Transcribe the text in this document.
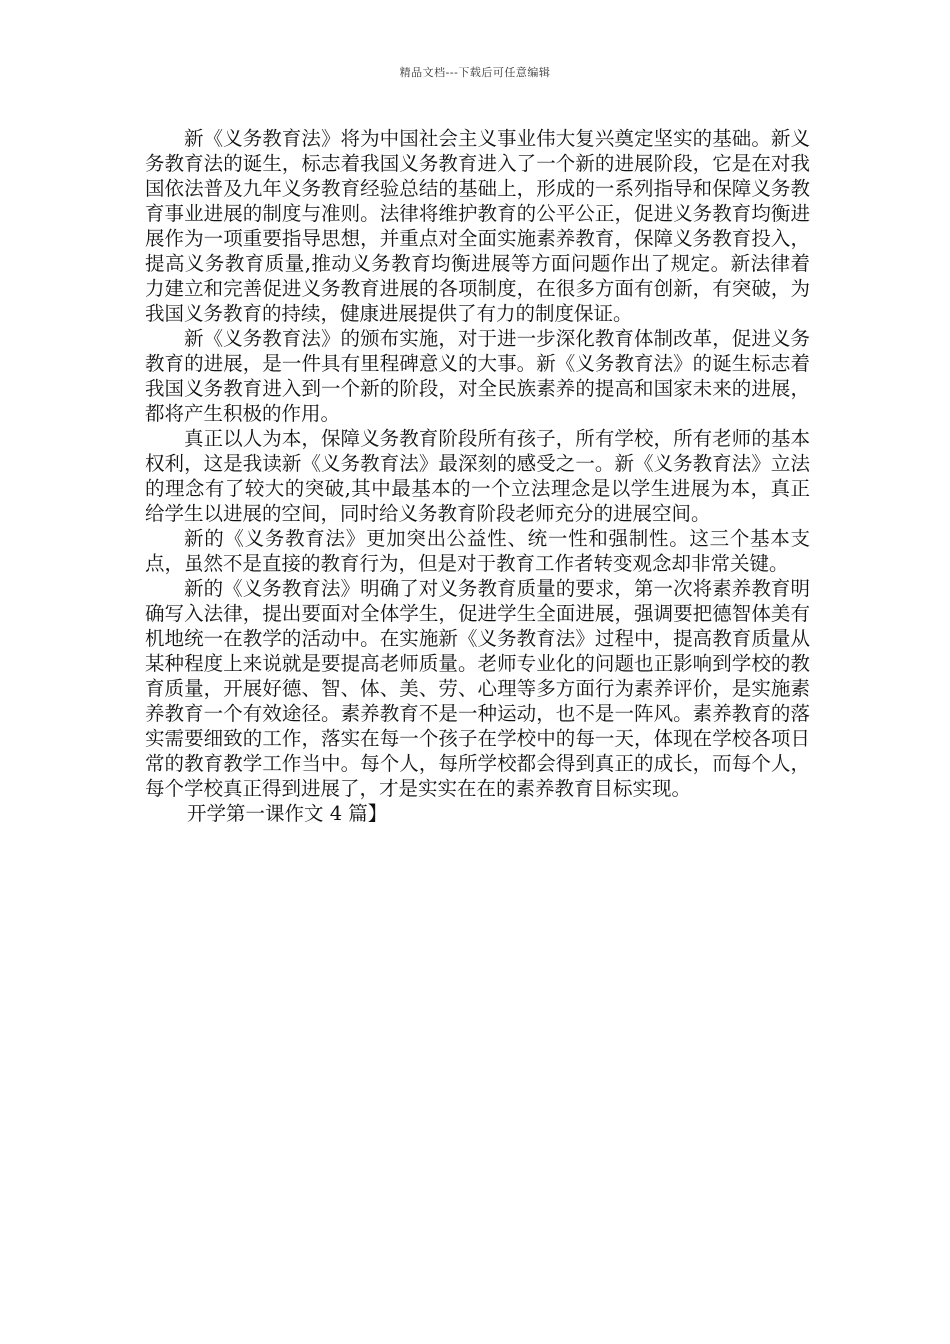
精品文档---下载后可任意编辑

新《义务教育法》将为中国社会主义事业伟大复兴奠定坚实的基础。新义务教育法的诞生，标志着我国义务教育进入了一个新的进展阶段，它是在对我国依法普及九年义务教育经验总结的基础上，形成的一系列指导和保障义务教育事业进展的制度与准则。法律将维护教育的公平公正，促进义务教育均衡进展作为一项重要指导思想，并重点对全面实施素养教育，保障义务教育投入，提高义务教育质量,推动义务教育均衡进展等方面问题作出了规定。新法律着力建立和完善促进义务教育进展的各项制度，在很多方面有创新，有突破，为我国义务教育的持续，健康进展提供了有力的制度保证。

新《义务教育法》的颁布实施，对于进一步深化教育体制改革，促进义务教育的进展，是一件具有里程碑意义的大事。新《义务教育法》的诞生标志着我国义务教育进入到一个新的阶段，对全民族素养的提高和国家未来的进展，都将产生积极的作用。

真正以人为本，保障义务教育阶段所有孩子，所有学校，所有老师的基本权利，这是我读新《义务教育法》最深刻的感受之一。新《义务教育法》立法的理念有了较大的突破,其中最基本的一个立法理念是以学生进展为本，真正给学生以进展的空间，同时给义务教育阶段老师充分的进展空间。

新的《义务教育法》更加突出公益性、统一性和强制性。这三个基本支点，虽然不是直接的教育行为，但是对于教育工作者转变观念却非常关键。

新的《义务教育法》明确了对义务教育质量的要求，第一次将素养教育明确写入法律，提出要面对全体学生，促进学生全面进展，强调要把德智体美有机地统一在教学的活动中。在实施新《义务教育法》过程中，提高教育质量从某种程度上来说就是要提高老师质量。老师专业化的问题也正影响到学校的教育质量，开展好德、智、体、美、劳、心理等多方面行为素养评价，是实施素养教育一个有效途径。素养教育不是一种运动，也不是一阵风。素养教育的落实需要细致的工作，落实在每一个孩子在学校中的每一天，体现在学校各项日常的教育教学工作当中。每个人，每所学校都会得到真正的成长，而每个人，每个学校真正得到进展了，才是实实在在的素养教育目标实现。

开学第一课作文 4 篇】
